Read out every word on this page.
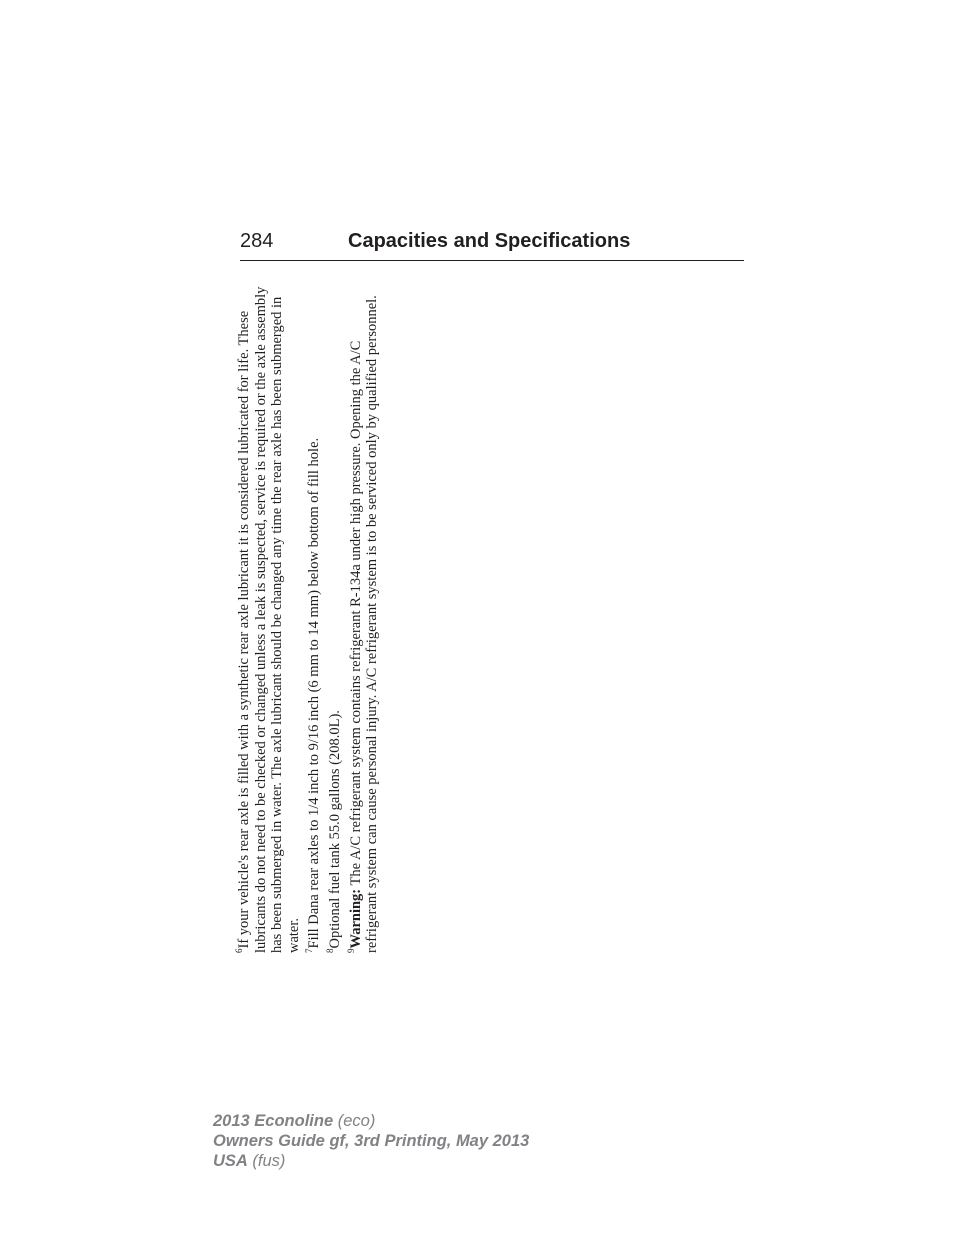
284	Capacities and Specifications

$^6$If your vehicle's rear axle is filled with a synthetic rear axle lubricant it is considered lubricated for life. These lubricants do not need to be checked or changed unless a leak is suspected, service is required or the axle assembly has been submerged in water. The axle lubricant should be changed any time the rear axle has been submerged in water. $^7$Fill Dana rear axles to 1/4 inch to 9/16 inch (6 mm to 14 mm) below bottom of fill hole.

$^8$Optional fuel tank 55.0 gallons (208.0L).

$^9$Warning: The A/C refrigerant system contains refrigerant R-134a under high pressure. Opening the A/C refrigerant system can cause personal injury. A/C refrigerant system is to be serviced only by qualified personnel.

2013 Econoline (eco)
Owners Guide gf, 3rd Printing, May 2013
USA (fus)
